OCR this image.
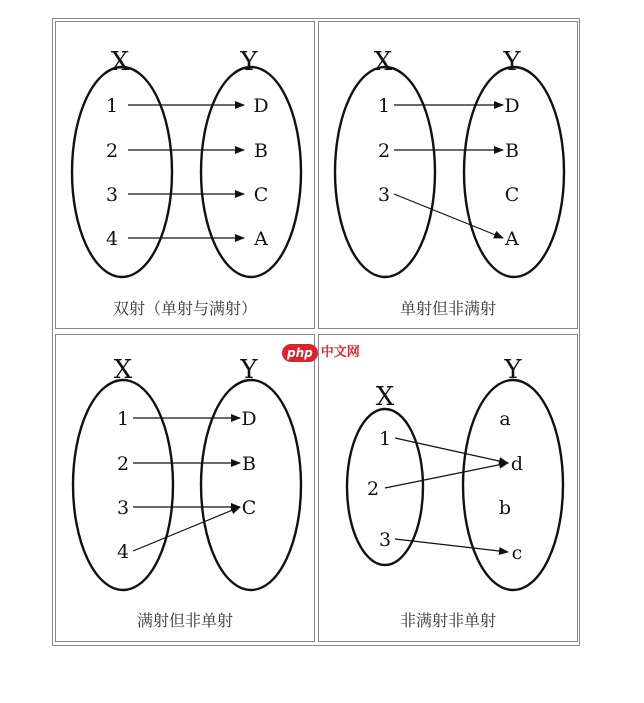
X	Y
1
2
3
4
D
B
C
A
双射（单射与满射）
X	Y
1
2
3
D
B
C
A
单射但非满射
X	Y
1
2
3
4
D
B
C
满射但非单射
X
Y
1
2
3
a
d
b
c
非满射非单射
php 中文网
